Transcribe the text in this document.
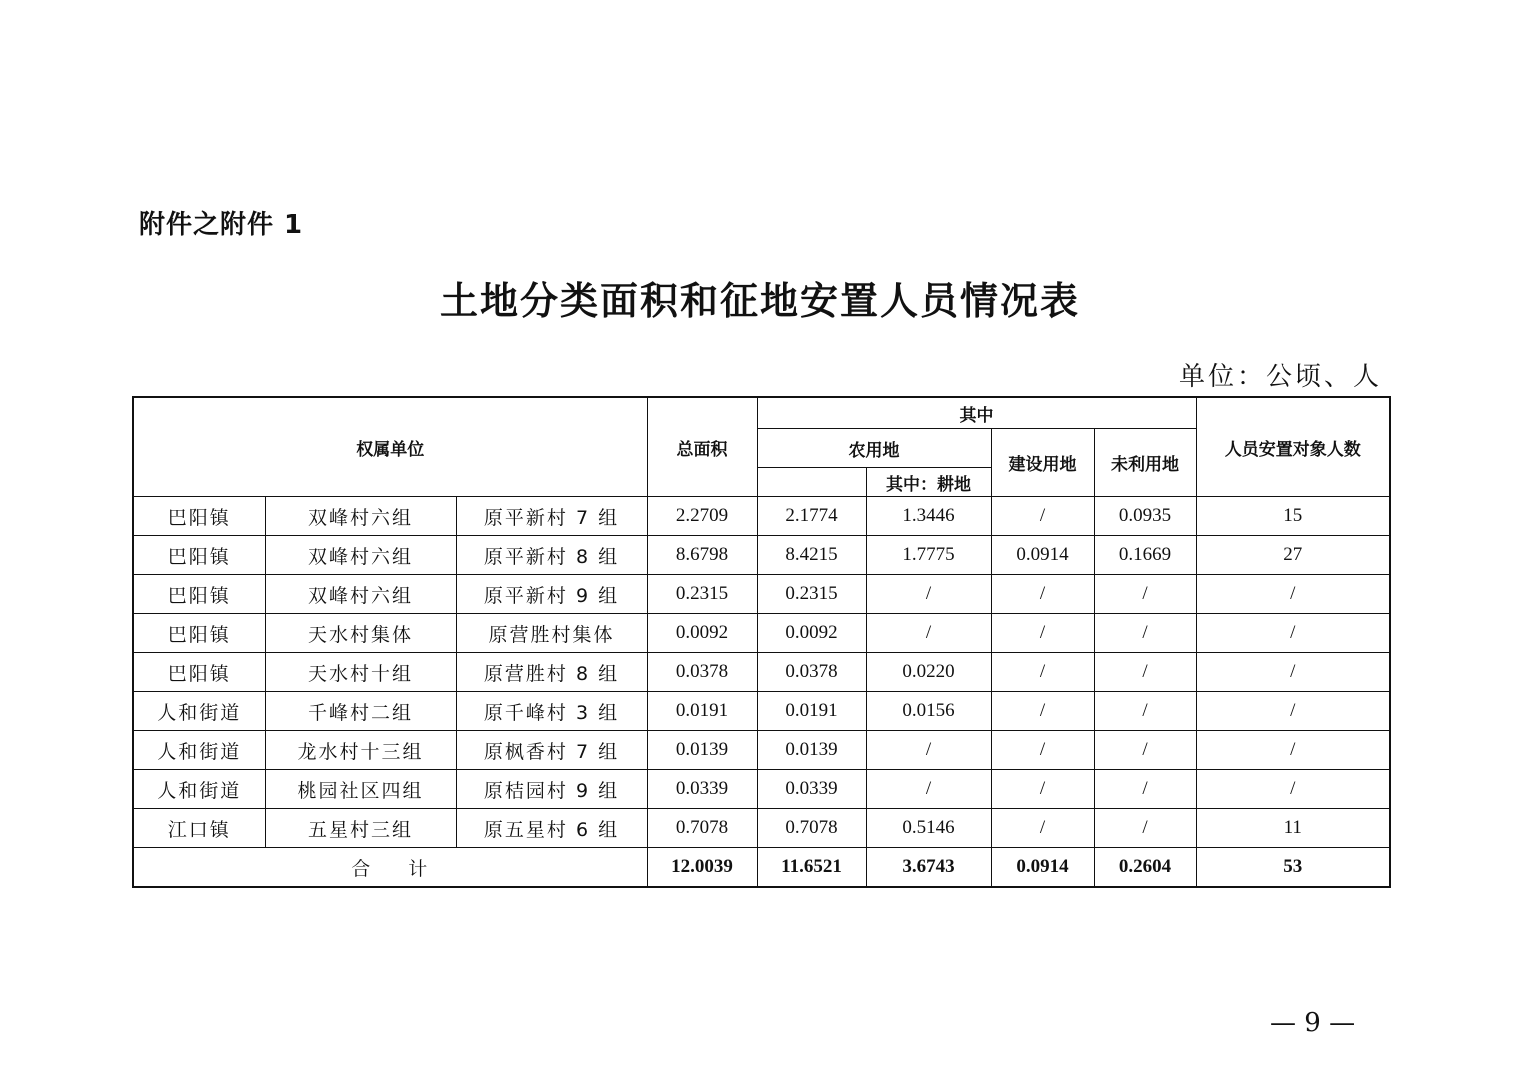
附件之附件 1
土地分类面积和征地安置人员情况表
单位：公顷、人
权属单位			总面积	其中				人员安置对象人数
				农用地		建设用地	未利用地	
					其中：耕地			
巴阳镇	双峰村六组	原平新村 7 组	2.2709	2.1774	1.3446	/	0.0935	15
巴阳镇	双峰村六组	原平新村 8 组	8.6798	8.4215	1.7775	0.0914	0.1669	27
巴阳镇	双峰村六组	原平新村 9 组	0.2315	0.2315	/	/	/	/
巴阳镇	天水村集体	原营胜村集体	0.0092	0.0092	/	/	/	/
巴阳镇	天水村十组	原营胜村 8 组	0.0378	0.0378	0.0220	/	/	/
人和街道	千峰村二组	原千峰村 3 组	0.0191	0.0191	0.0156	/	/	/
人和街道	龙水村十三组	原枫香村 7 组	0.0139	0.0139	/	/	/	/
人和街道	桃园社区四组	原桔园村 9 组	0.0339	0.0339	/	/	/	/
江口镇	五星村三组	原五星村 6 组	0.7078	0.7078	0.5146	/	/	11
合 计			12.0039	11.6521	3.6743	0.0914	0.2604	53
— 9 —
